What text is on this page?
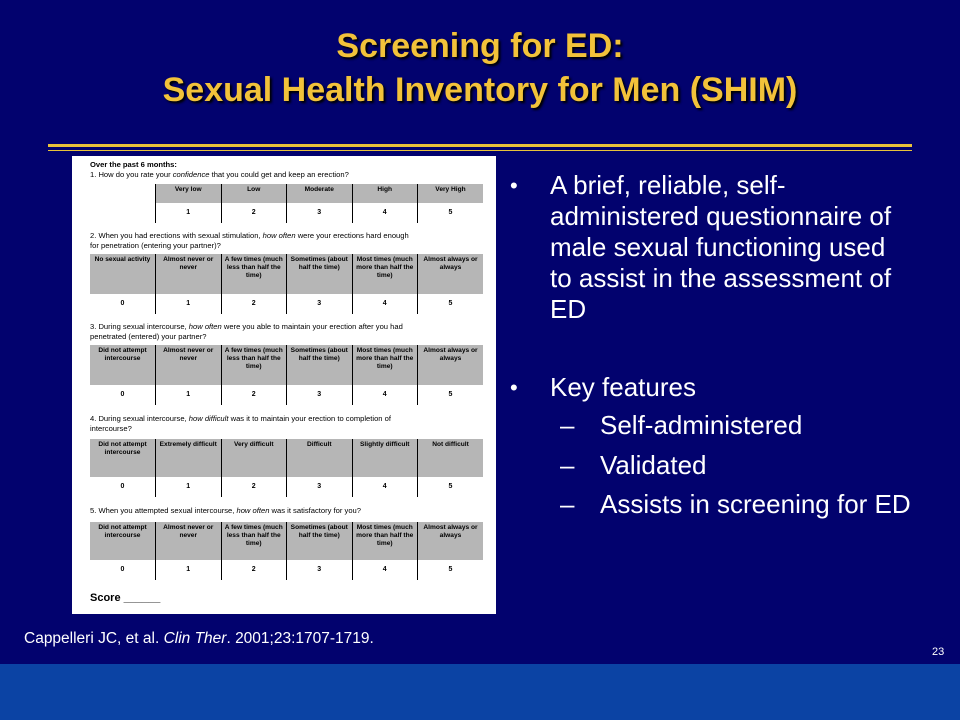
Screening for ED:
Sexual Health Inventory for Men (SHIM)
Over the past 6 months:
1. How do you rate your confidence that you could get and keep an erection?
	Very low	Low	Moderate	High	Very High
	1	2	3	4	5
2. When you had erections with sexual stimulation, how often were your erections hard enough for penetration (entering your partner)?
No sexual activity	Almost never or never	A few times (much less than half the time)	Sometimes (about half the time)	Most times (much more than half the time)	Almost always or always
0	1	2	3	4	5
3. During sexual intercourse, how often were you able to maintain your erection after you had penetrated (entered) your partner?
Did not attempt intercourse	Almost never or never	A few times (much less than half the time)	Sometimes (about half the time)	Most times (much more than half the time)	Almost always or always
0	1	2	3	4	5
4. During sexual intercourse, how difficult was it to maintain your erection to completion of intercourse?
Did not attempt intercourse	Extremely difficult	Very difficult	Difficult	Slightly difficult	Not difficult
0	1	2	3	4	5
5. When you attempted sexual intercourse, how often was it satisfactory for you?
Did not attempt intercourse	Almost never or never	A few times (much less than half the time)	Sometimes (about half the time)	Most times (much more than half the time)	Almost always or always
0	1	2	3	4	5
Score ______
• A brief, reliable, self-administered questionnaire of male sexual functioning used to assist in the assessment of ED
• Key features
– Self-administered
– Validated
– Assists in screening for ED
Cappelleri JC, et al. Clin Ther. 2001;23:1707-1719.
23
